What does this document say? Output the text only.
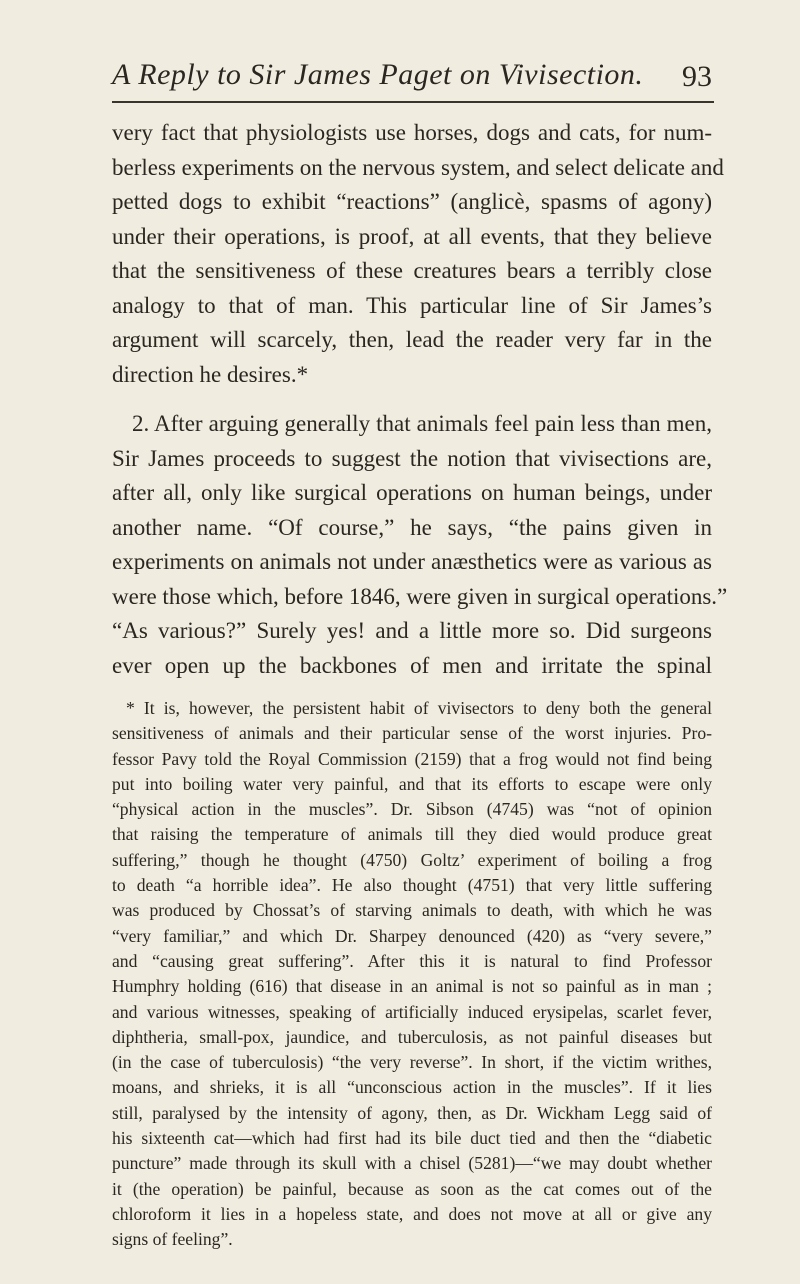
A Reply to Sir James Paget on Vivisection. 93
very fact that physiologists use horses, dogs and cats, for num-
berless experiments on the nervous system, and select delicate and
petted dogs to exhibit “reactions” (anglicè, spasms of agony)
under their operations, is proof, at all events, that they believe
that the sensitiveness of these creatures bears a terribly close
analogy to that of man. This particular line of Sir James’s
argument will scarcely, then, lead the reader very far in the
direction he desires.*
2. After arguing generally that animals feel pain less than men,
Sir James proceeds to suggest the notion that vivisections are,
after all, only like surgical operations on human beings, under
another name. “Of course,” he says, “the pains given in
experiments on animals not under anæsthetics were as various as
were those which, before 1846, were given in surgical operations.”
“As various?” Surely yes! and a little more so. Did surgeons
ever open up the backbones of men and irritate the spinal
* It is, however, the persistent habit of vivisectors to deny both the general
sensitiveness of animals and their particular sense of the worst injuries. Pro-
fessor Pavy told the Royal Commission (2159) that a frog would not find being
put into boiling water very painful, and that its efforts to escape were only
“physical action in the muscles”. Dr. Sibson (4745) was “not of opinion
that raising the temperature of animals till they died would produce great
suffering,” though he thought (4750) Goltz’ experiment of boiling a frog
to death “a horrible idea”. He also thought (4751) that very little suffering
was produced by Chossat’s of starving animals to death, with which he was
“very familiar,” and which Dr. Sharpey denounced (420) as “very severe,”
and “causing great suffering”. After this it is natural to find Professor
Humphry holding (616) that disease in an animal is not so painful as in man ;
and various witnesses, speaking of artificially induced erysipelas, scarlet fever,
diphtheria, small-pox, jaundice, and tuberculosis, as not painful diseases but
(in the case of tuberculosis) “the very reverse”. In short, if the victim writhes,
moans, and shrieks, it is all “unconscious action in the muscles”. If it lies
still, paralysed by the intensity of agony, then, as Dr. Wickham Legg said of
his sixteenth cat—which had first had its bile duct tied and then the “diabetic
puncture” made through its skull with a chisel (5281)—“we may doubt whether
it (the operation) be painful, because as soon as the cat comes out of the
chloroform it lies in a hopeless state, and does not move at all or give any
signs of feeling”.
